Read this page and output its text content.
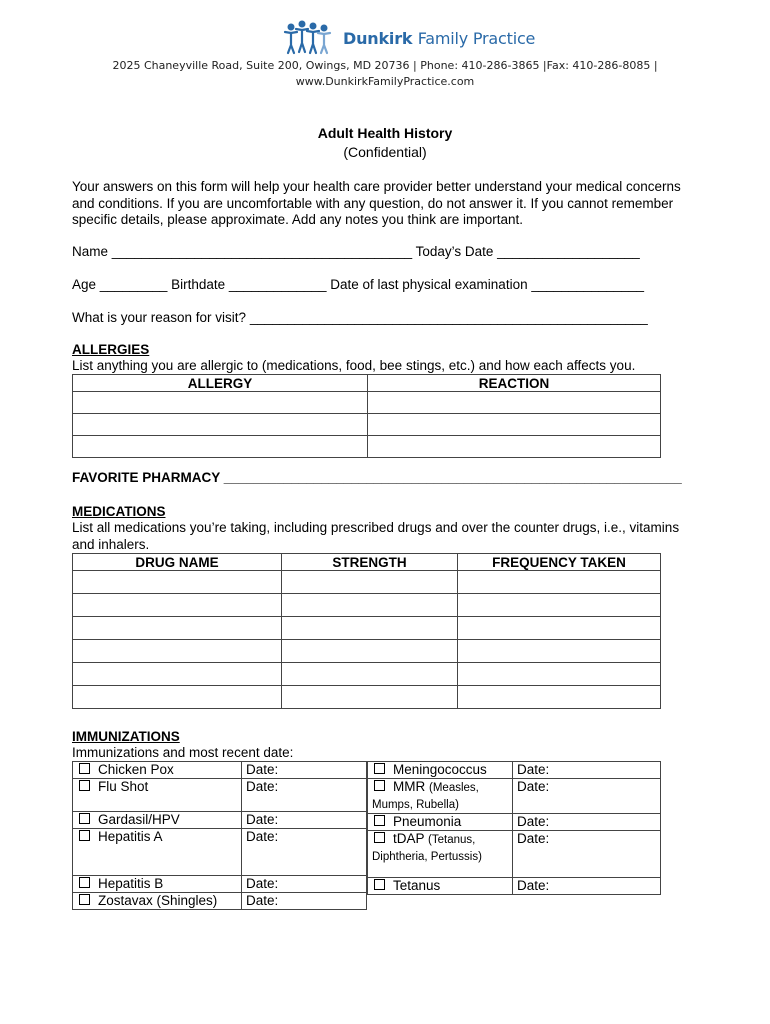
Dunkirk Family Practice
2025 Chaneyville Road, Suite 200, Owings, MD 20736 | Phone: 410-286-3865 |Fax: 410-286-8085 |
www.DunkirkFamilyPractice.com
Adult Health History
(Confidential)
Your answers on this form will help your health care provider better understand your medical concerns and conditions. If you are uncomfortable with any question, do not answer it. If you cannot remember specific details, please approximate. Add any notes you think are important.
Name ________________________________________ Today’s Date ___________________
Age _________ Birthdate _____________ Date of last physical examination _______________
What is your reason for visit? _____________________________________________________
ALLERGIES
List anything you are allergic to (medications, food, bee stings, etc.) and how each affects you.
ALLERGY	REACTION

FAVORITE PHARMACY _____________________________________________________________
MEDICATIONS
List all medications you’re taking, including prescribed drugs and over the counter drugs, i.e., vitamins and inhalers.
DRUG NAME	STRENGTH	FREQUENCY TAKEN

IMMUNIZATIONS
Immunizations and most recent date:
Chicken Pox	Date:
Flu Shot	Date:
Gardasil/HPV	Date:
Hepatitis A	Date:
Hepatitis B	Date:
Zostavax (Shingles)	Date:
Meningococcus	Date:
MMR (Measles, Mumps, Rubella)	Date:
Pneumonia	Date:
tDAP (Tetanus, Diphtheria, Pertussis)	Date:
Tetanus	Date:
